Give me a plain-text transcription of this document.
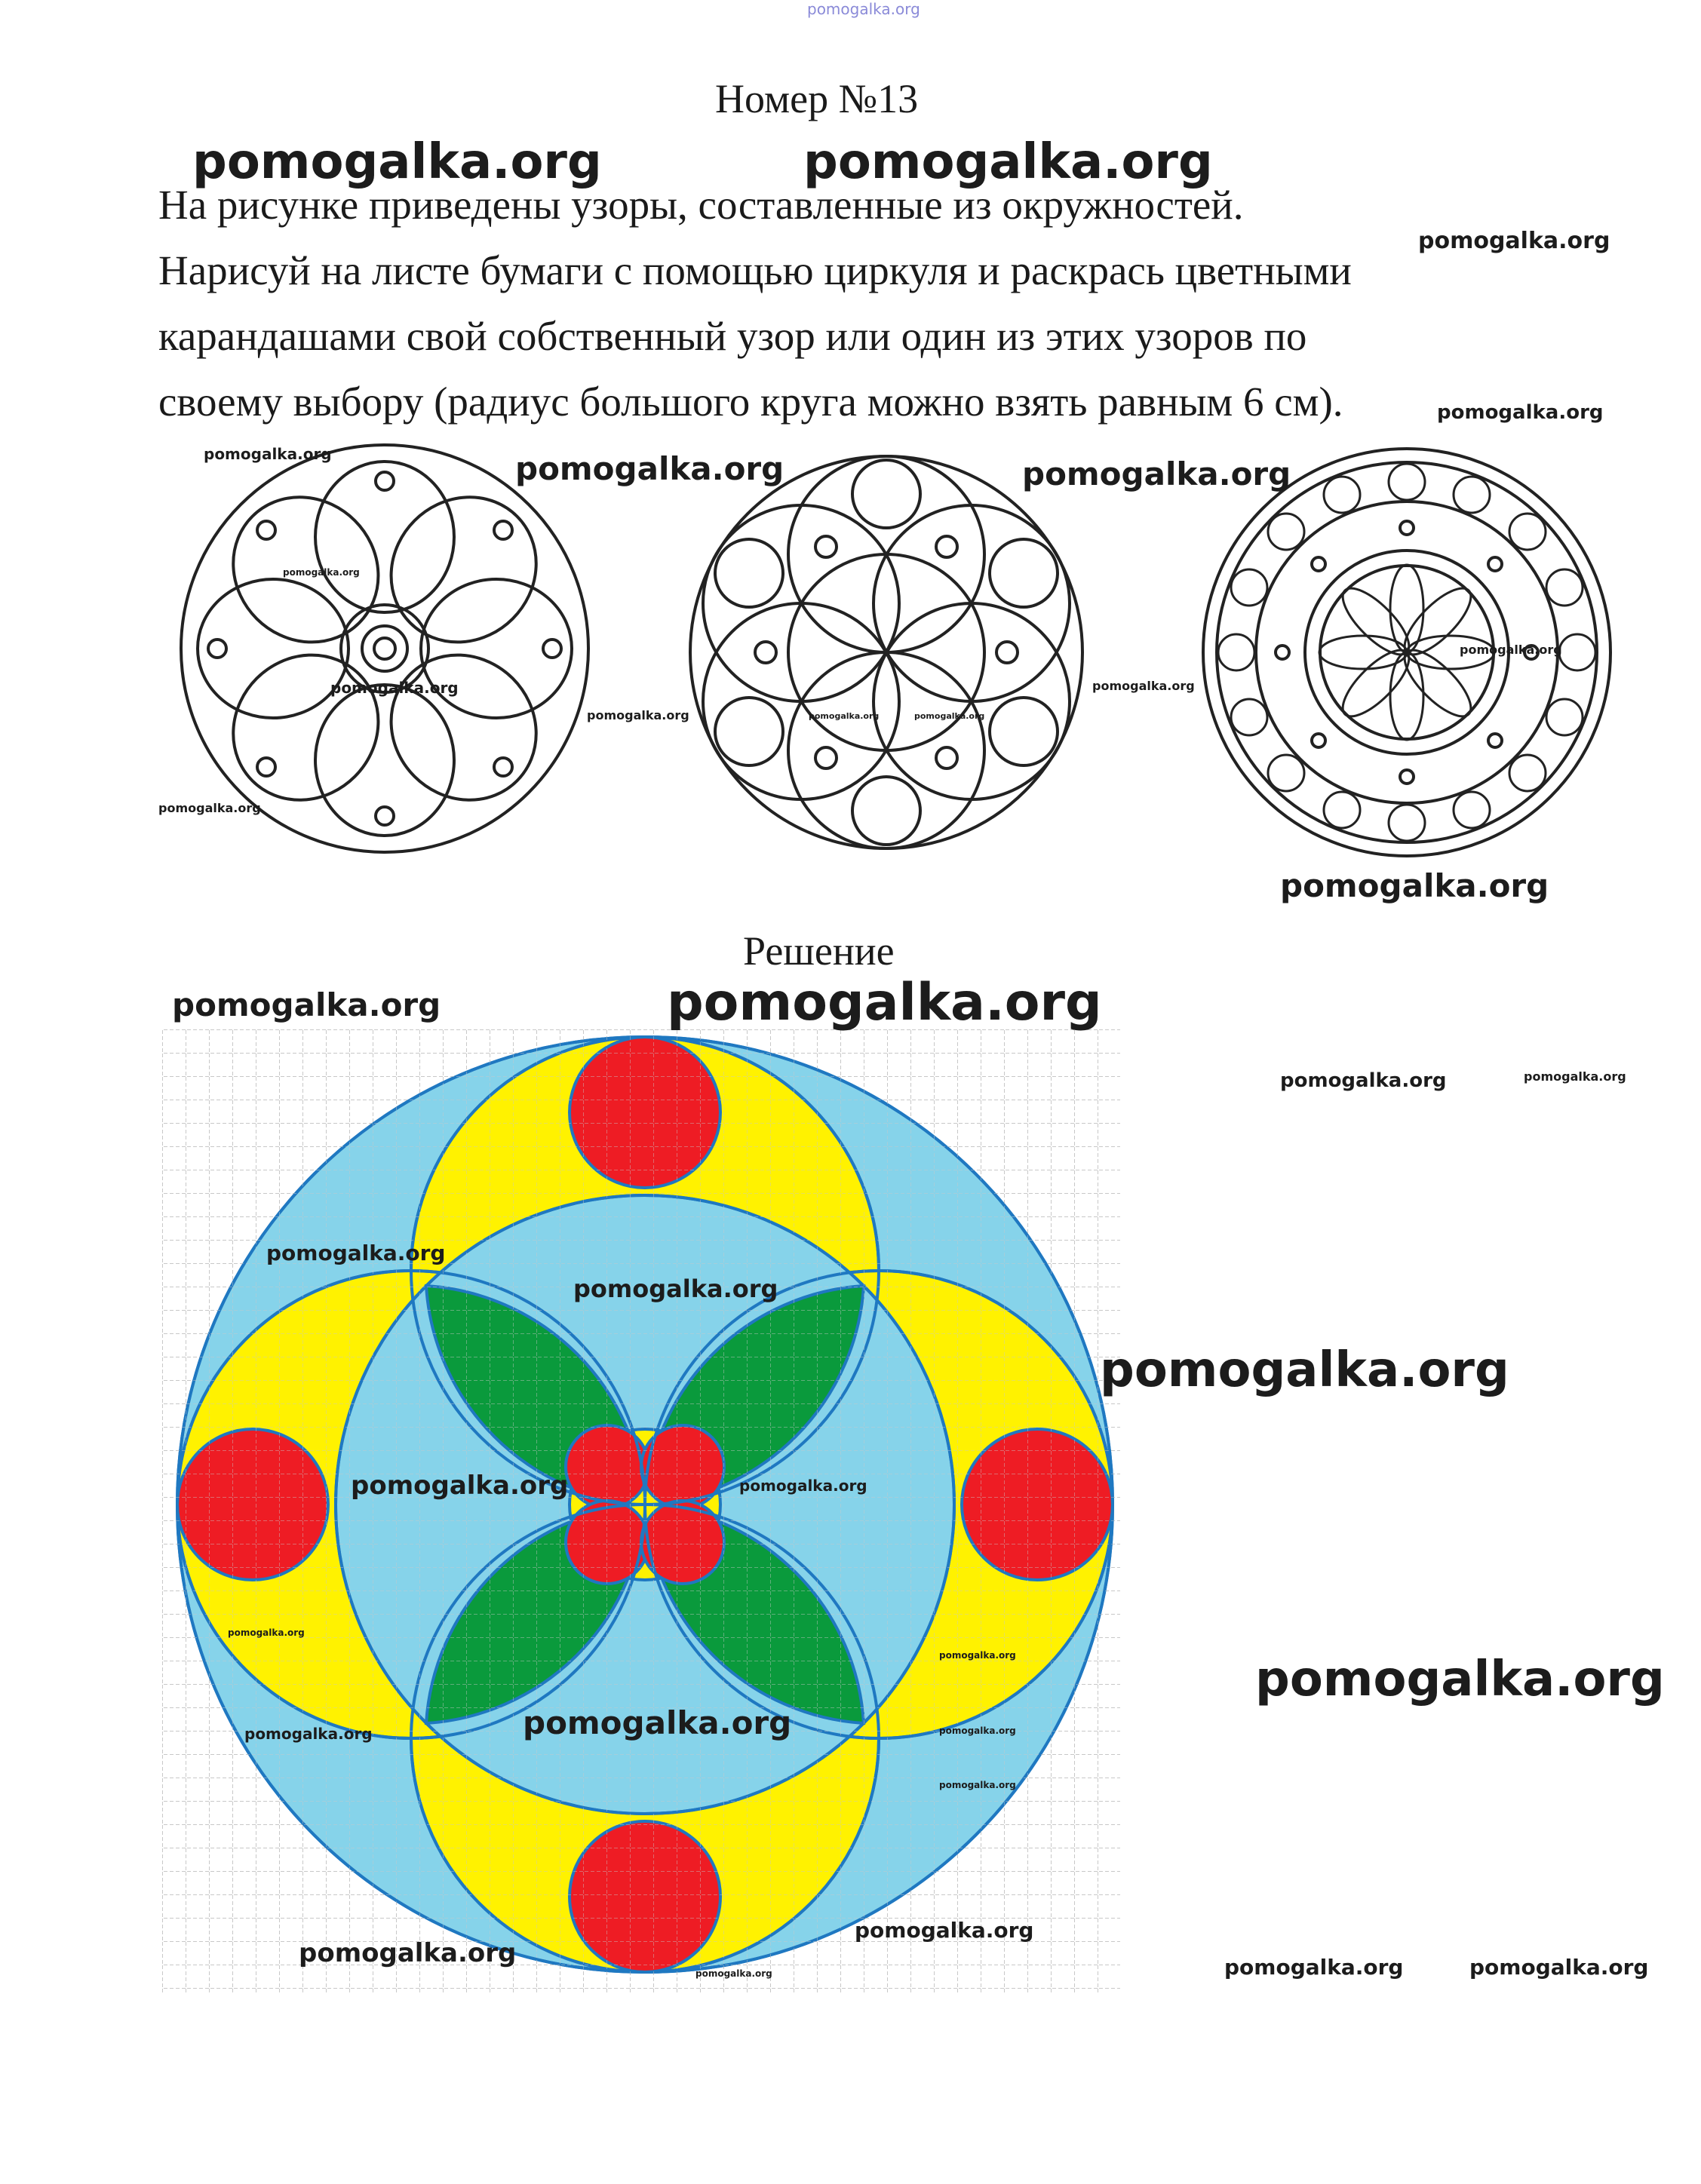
pomogalka.org
Номер №13
На рисунке приведены узоры, составленные из окружностей.
Нарисуй на листе бумаги с помощью циркуля и раскрась цветными
карандашами свой собственный узор или один из этих узоров по
своему выбору (радиус большого круга можно взять равным 6 см).
Решение
pomogalka.org	pomogalka.org
pomogalka.org
pomogalka.org
pomogalka.org	pomogalka.org	pomogalka.org
pomogalka.org
pomogalka.org
pomogalka.org	pomogalka.org
pomogalka.org	pomogalka.org	pomogalka.org
pomogalka.org
pomogalka.org
pomogalka.org	pomogalka.org
pomogalka.org	pomogalka.org
pomogalka.org
pomogalka.org
pomogalka.org
pomogalka.org	pomogalka.org
pomogalka.org
pomogalka.org	pomogalka.org
pomogalka.org
pomogalka.org	pomogalka.org
pomogalka.org
pomogalka.org
pomogalka.org	pomogalka.org	pomogalka.org
pomogalka.org
